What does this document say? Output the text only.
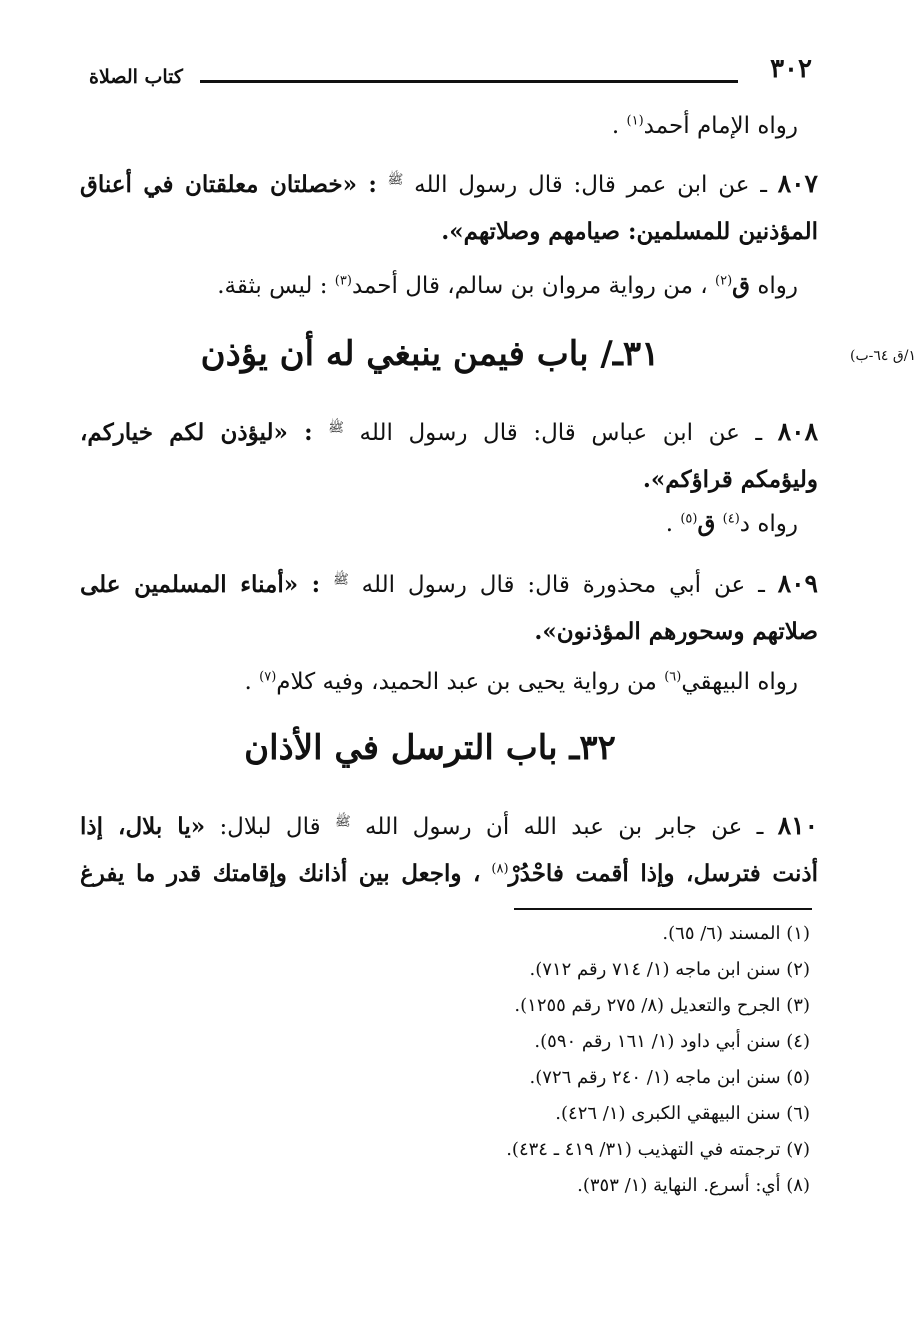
٣٠٢
كتاب الصلاة
١/ق ٦٤-ب)
رواه الإمام أحمد$^{(١)}$ .
٨٠٧ ـ عن ابن عمر قال: قال رسول الله $^ﷺ$ : «خصلتان معلقتان في أعناق
المؤذنين للمسلمين: صيامهم وصلاتهم».
رواه ق$^{(٢)}$ ، من رواية مروان بن سالم، قال أحمد$^{(٣)}$ : ليس بثقة.
٣١ـ/ باب فيمن ينبغي له أن يؤذن
٨٠٨ ـ عن ابن عباس قال: قال رسول الله $^ﷺ$ : «ليؤذن لكم خياركم،
وليؤمكم قراؤكم».
رواه د$^{(٤)}$ ق$^{(٥)}$ .
٨٠٩ ـ عن أبي محذورة قال: قال رسول الله $^ﷺ$ : «أمناء المسلمين على
صلاتهم وسحورهم المؤذنون».
رواه البيهقي$^{(٦)}$ من رواية يحيى بن عبد الحميد، وفيه كلام$^{(٧)}$ .
٣٢ـ باب الترسل في الأذان
٨١٠ ـ عن جابر بن عبد الله أن رسول الله $^ﷺ$ قال لبلال: «يا بلال، إذا
أذنت فترسل، وإذا أقمت فاحْدُرْ$^{(٨)}$ ، واجعل بين أذانك وإقامتك قدر ما يفرغ
(١) المسند (٦/ ٦٥).
(٢) سنن ابن ماجه (١/ ٧١٤ رقم ٧١٢).
(٣) الجرح والتعديل (٨/ ٢٧٥ رقم ١٢٥٥).
(٤) سنن أبي داود (١/ ١٦١ رقم ٥٩٠).
(٥) سنن ابن ماجه (١/ ٢٤٠ رقم ٧٢٦).
(٦) سنن البيهقي الكبرى (١/ ٤٢٦).
(٧) ترجمته في التهذيب (٣١/ ٤١٩ ـ ٤٣٤).
(٨) أي: أسرع. النهاية (١/ ٣٥٣).
